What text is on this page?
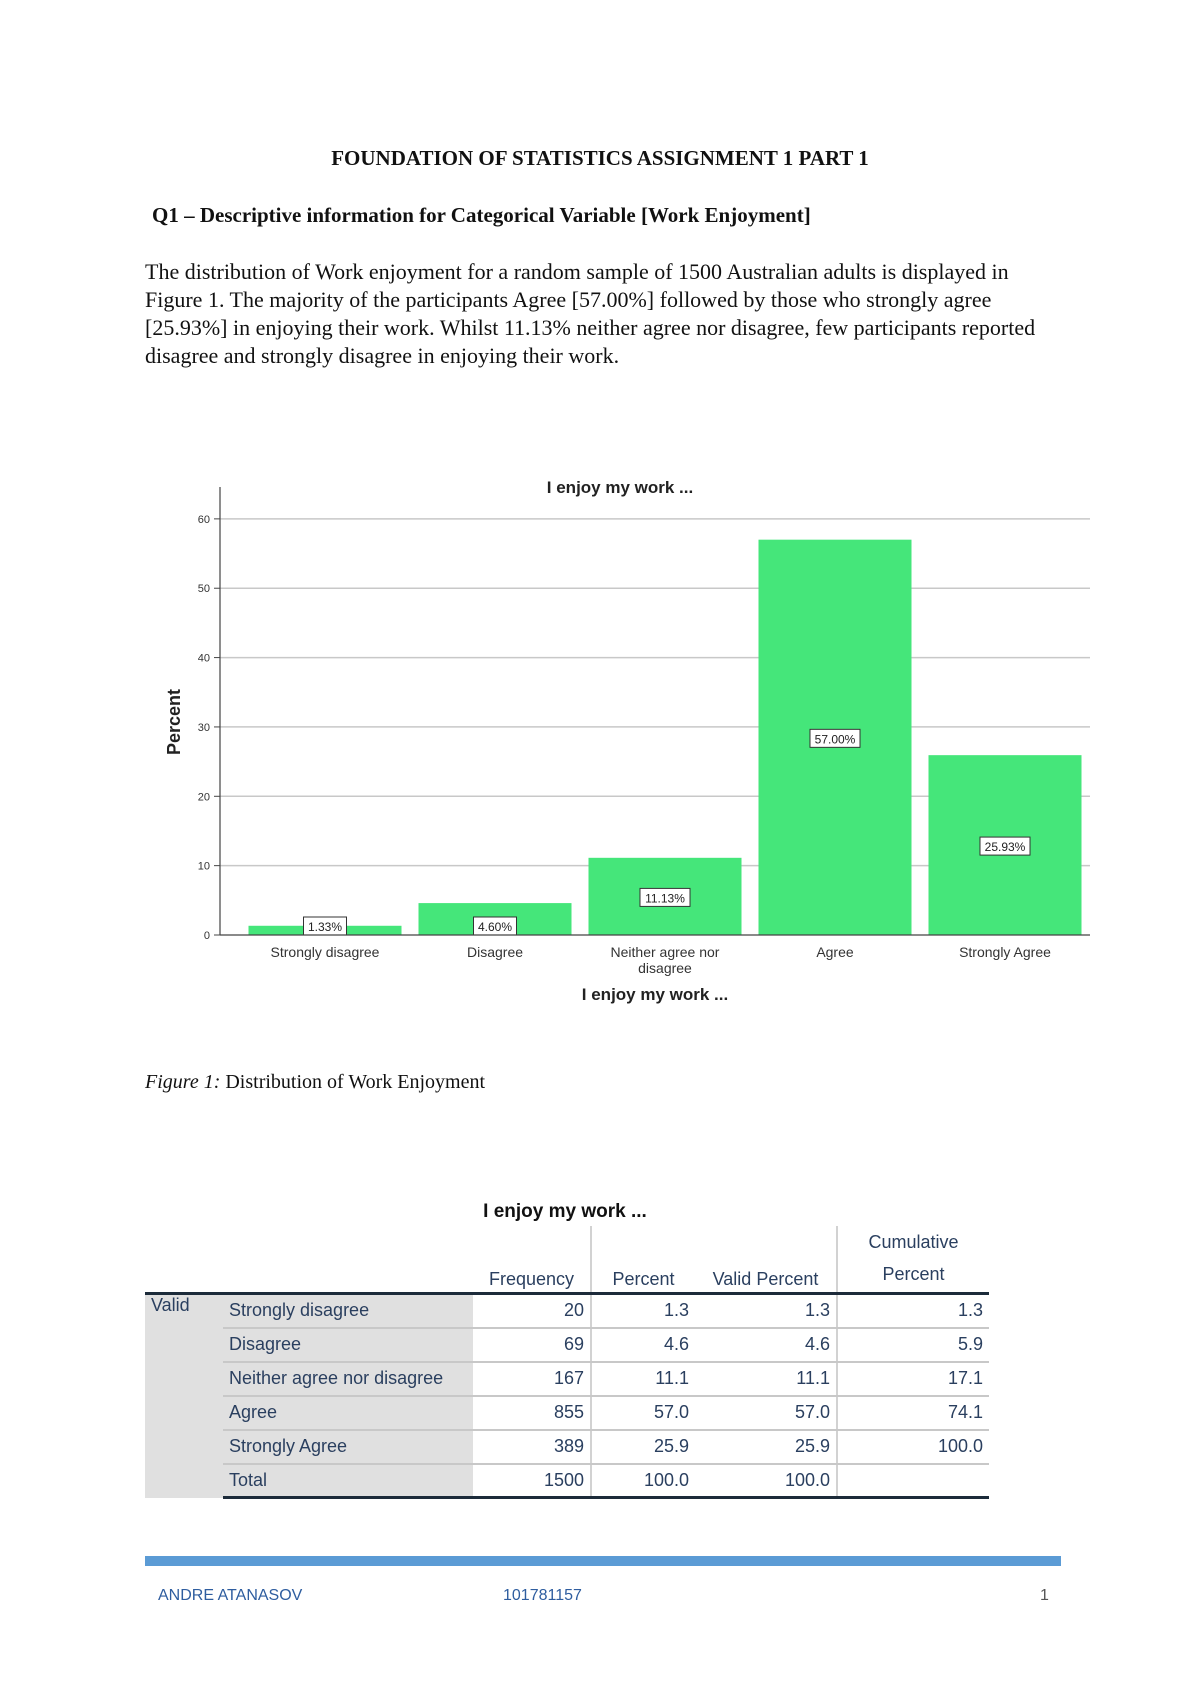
FOUNDATION OF STATISTICS ASSIGNMENT 1 PART 1
Q1 – Descriptive information for Categorical Variable [Work Enjoyment]

The distribution of Work enjoyment for a random sample of 1500 Australian adults is displayed in Figure 1. The majority of the participants Agree [57.00%] followed by those who strongly agree [25.93%] in enjoying their work. Whilst 11.13% neither agree nor disagree, few participants reported disagree and strongly disagree in enjoying their work.

I enjoy my work ...
Percent
I enjoy my work ...
1.33%	4.60%
11.13%
57.00%
25.93%
Strongly disagree	Disagree	Neither agree nor disagree
Agree	Strongly Agree
0
10
20
30
40
50
60

Figure 1: Distribution of Work Enjoyment

I enjoy my work ...
		Frequency	Percent	Valid Percent	Cumulative
Percent
Valid	Strongly disagree	20	1.3	1.3	1.3
	Disagree	69	4.6	4.6	5.9
	Neither agree nor disagree	167	11.1	11.1	17.1
	Agree	855	57.0	57.0	74.1
	Strongly Agree	389	25.9	25.9	100.0
	Total	1500	100.0	100.0	

ANDRE ATANASOV	101781157	1
